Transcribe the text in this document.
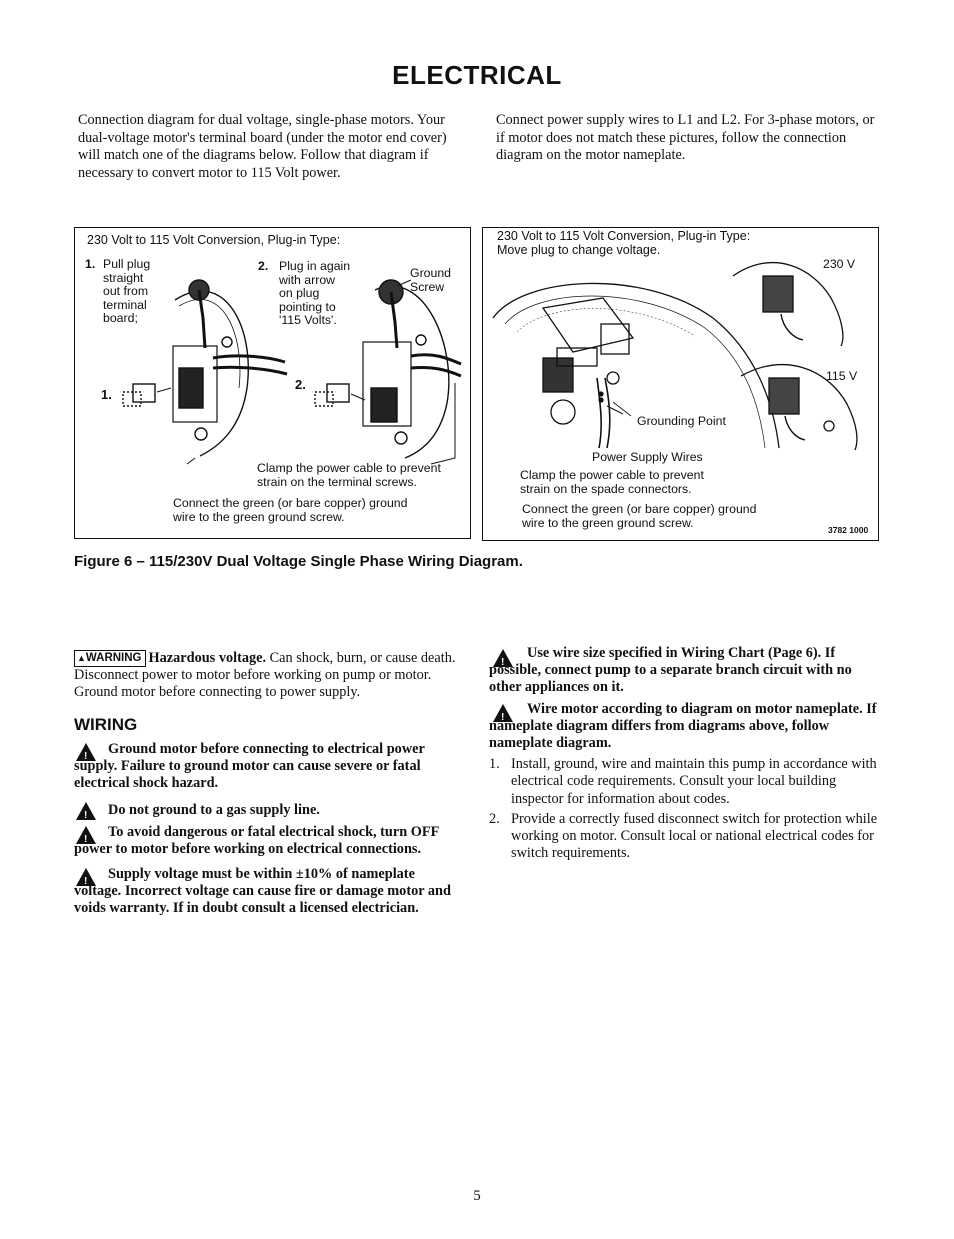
ELECTRICAL
Connection diagram for dual voltage, single-phase motors. Your dual-voltage motor's terminal board (under the motor end cover) will match one of the diagrams below. Follow that diagram if necessary to convert motor to 115 Volt power.
Connect power supply wires to L1 and L2. For 3-phase motors, or if motor does not match these pictures, follow the connection diagram on the motor nameplate.
230 Volt to 115 Volt Conversion, Plug-in Type:
1. Pull plug
straight
out from
terminal
board;
2. Plug in again
with arrow
on plug
pointing to
'115 Volts'.
Ground
Screw
1.
2.
Clamp the power cable to prevent
strain on the terminal screws.
Connect the green (or bare copper) ground
wire to the green ground screw.
230 Volt to 115 Volt Conversion, Plug-in Type:
Move plug to change voltage.
230 V
115 V
Grounding Point
Power Supply Wires
Clamp the power cable to prevent
strain on the spade connectors.
Connect the green (or bare copper) ground
wire to the green ground screw.
3782 1000
Figure 6 – 115/230V Dual Voltage Single Phase Wiring Diagram.

▲WARNING Hazardous voltage. Can shock, burn, or cause death. Disconnect power to motor before working on pump or motor. Ground motor before connecting to power supply.

WIRING

!
Ground motor before connecting to electrical power supply. Failure to ground motor can cause severe or fatal electrical shock hazard.

!
Do not ground to a gas supply line.

!
To avoid dangerous or fatal electrical shock, turn OFF power to motor before working on electrical connections.

!
Supply voltage must be within ±10% of nameplate voltage. Incorrect voltage can cause fire or damage motor and voids warranty. If in doubt consult a licensed electrician.

!
Use wire size specified in Wiring Chart (Page 6). If possible, connect pump to a separate branch circuit with no other appliances on it.

!
Wire motor according to diagram on motor nameplate. If nameplate diagram differs from diagrams above, follow nameplate diagram.

1. Install, ground, wire and maintain this pump in accordance with electrical code requirements. Consult your local building inspector for information about codes.
2. Provide a correctly fused disconnect switch for protection while working on motor. Consult local or national electrical codes for switch requirements.
5
